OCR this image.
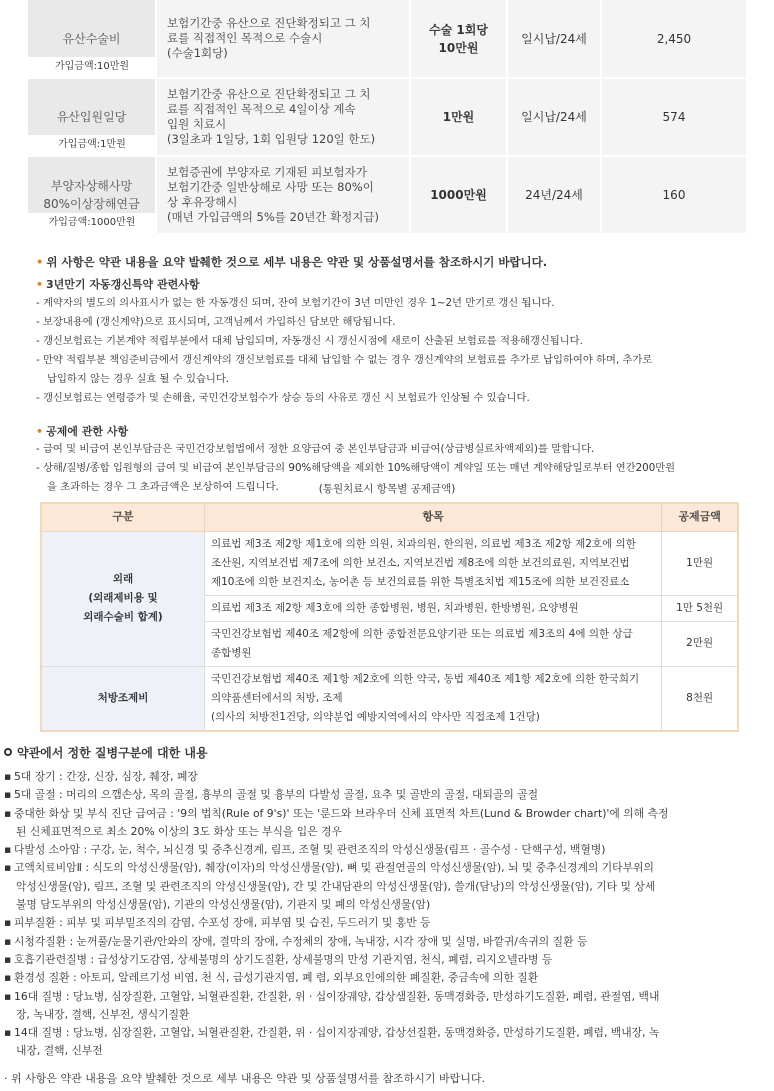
유산수술비
가입금액:10만원	보험기간중 유산으로 진단확정되고 그 치
료를 직접적인 목적으로 수술시
(수술1회당)	수술 1회당
10만원	일시납/24세	2,450

유산입원일당
가입금액:1만원	보험기간중 유산으로 진단확정되고 그 치
료를 직접적인 목적으로 4일이상 계속
입원 치료시
(3일초과 1일당, 1회 입원당 120일 한도)	1만원	일시납/24세	574

부양자상해사망
80%이상장해연금
가입금액:1000만원	보험증권에 부양자로 기재된 피보험자가
보험기간중 일반상해로 사망 또는 80%이
상 후유장해시
(매년 가입금액의 5%를 20년간 확정지급)	1000만원	24년/24세	160
• 위 사항은 약관 내용을 요약 발췌한 것으로 세부 내용은 약관 및 상품설명서를 참조하시기 바랍니다.
• 3년만기 자동갱신특약 관련사항
- 계약자의 별도의 의사표시가 없는 한 자동갱신 되며, 잔여 보험기간이 3년 미만인 경우 1~2년 만기로 갱신 됩니다.
- 보장내용에 (갱신계약)으로 표시되며, 고객님께서 가입하신 담보만 해당됩니다.
- 갱신보험료는 기본계약 적립부분에서 대체 납입되며, 자동갱신 시 갱신시점에 새로이 산출된 보험료를 적용해갱신됩니다.
- 만약 적립부분 책임준비금에서 갱신계약의 갱신보험료를 대체 납입할 수 없는 경우 갱신계약의 보험료를 추가로 납입하여야 하며, 추가로
납입하지 않는 경우 실효 될 수 있습니다.
- 갱신보험료는 연령증가 및 손해율, 국민건강보험수가 상승 등의 사유로 갱신 시 보험료가 인상될 수 있습니다.
• 공제에 관한 사항
- 급여 및 비급여 본인부담금은 국민건강보험법에서 정한 요양급여 중 본인부담금과 비급여(상급병실료차액제외)를 말합니다.
- 상해/질병/종합 입원형의 급여 및 비급여 본인부담금의 90%해당액을 제외한 10%해당액이 계약일 또는 매년 계약해당일로부터 연간200만원
을 초과하는 경우 그 초과금액은 보상하여 드립니다.	(통원치료시 항목별 공제금액)
구분	항목	공제금액
외래
(외래제비용 및
외래수술비 합계)	의료법 제3조 제2항 제1호에 의한 의원, 치과의원, 한의원, 의료법 제3조 제2항 제2호에 의한
조산원, 지역보건법 제7조에 의한 보건소, 지역보건법 제8조에 의한 보건의료원, 지역보건법
제10조에 의한 보건지소, 농어촌 등 보건의료를 위한 특별조치법 제15조에 의한 보건진료소	1만원
	의료법 제3조 제2항 제3호에 의한 종합병원, 병원, 치과병원, 한방병원, 요양병원	1만 5천원
	국민건강보험법 제40조 제2항에 의한 종합전문요양기관 또는 의료법 제3조의 4에 의한 상급
종합병원	2만원
처방조제비	국민건강보험법 제40조 제1항 제2호에 의한 약국, 동법 제40조 제1항 제2호에 의한 한국희기
의약품센터에서의 처방, 조제
(의사의 처방전1건당, 의약분업 예방지역에서의 약사만 직접조제 1건당)	8천원
약관에서 정한 질병구분에 대한 내용
▪ 5대 장기 : 간장, 신장, 심장, 췌장, 폐장
▪ 5대 골절 : 머리의 으깸손상, 목의 골절, 흉부의 골절 및 흉부의 다발성 골절, 요추 및 골반의 골절, 대퇴골의 골절
▪ 중대한 화상 및 부식 진단 급여금 : '9의 법칙(Rule of 9's)' 또는 '룬드와 브라우더 신체 표면적 차트(Lund & Browder chart)'에 의해 측정
된 신체표면적으로 최소 20% 이상의 3도 화상 또는 부식을 입은 경우
▪ 다발성 소아암 : 구강, 눈, 척수, 뇌신경 및 중추신경계, 림프, 조혈 및 관련조직의 악성신생물(림프 · 골수성 · 단핵구성, 백혈병)
▪ 고액치료비암Ⅱ : 식도의 악성신생물(암), 췌장(이자)의 악성신생물(암), 뼈 및 관절연골의 악성신생물(암), 뇌 및 중추신경계의 기타부위의
악성신생물(암), 림프, 조혈 및 관련조직의 악성신생물(암), 간 및 간내담관의 악성신생물(암), 쓸개(담낭)의 악성신생물(암), 기타 및 상세
불명 담도부위의 악성신생물(암), 기관의 악성신생물(암), 기관지 및 폐의 악성신생물(암)
▪ 피부질환 : 피부 및 피부밑조직의 감염, 수포성 장애, 피부염 및 습진, 두드러기 및 홍반 등
▪ 시청각질환 : 눈꺼풀/눈물기관/안와의 장애, 결막의 장애, 수정체의 장애, 녹내장, 시각 장애 및 실명, 바깥귀/속귀의 질환 등
▪ 호흡기관련질병 : 급성상기도감염, 상세불명의 상기도질환, 상세불명의 만성 기관지염, 천식, 폐렴, 리지오넬라병 등
▪ 환경성 질환 : 아토피, 알레르기성 비염, 천 식, 급성기관지염, 폐 렴, 외부요인에의한 폐질환, 중금속에 의한 질환
▪ 16대 질병 : 당뇨병, 심장질환, 고혈압, 뇌혈관질환, 간질환, 위 · 십이장궤양, 갑상샘질환, 동맥경화증, 만성하기도질환, 폐렴, 관절염, 백내
장, 녹내장, 결핵, 신부전, 생식기질환
▪ 14대 질병 : 당뇨병, 심장질환, 고혈압, 뇌혈관질환, 간질환, 위 · 십이지장궤양, 갑상선질환, 동맥경화증, 만성하기도질환, 폐렴, 백내장, 녹
내장, 결핵, 신부전
· 위 사항은 약관 내용을 요약 발췌한 것으로 세부 내용은 약관 및 상품설명서를 참조하시기 바랍니다.
